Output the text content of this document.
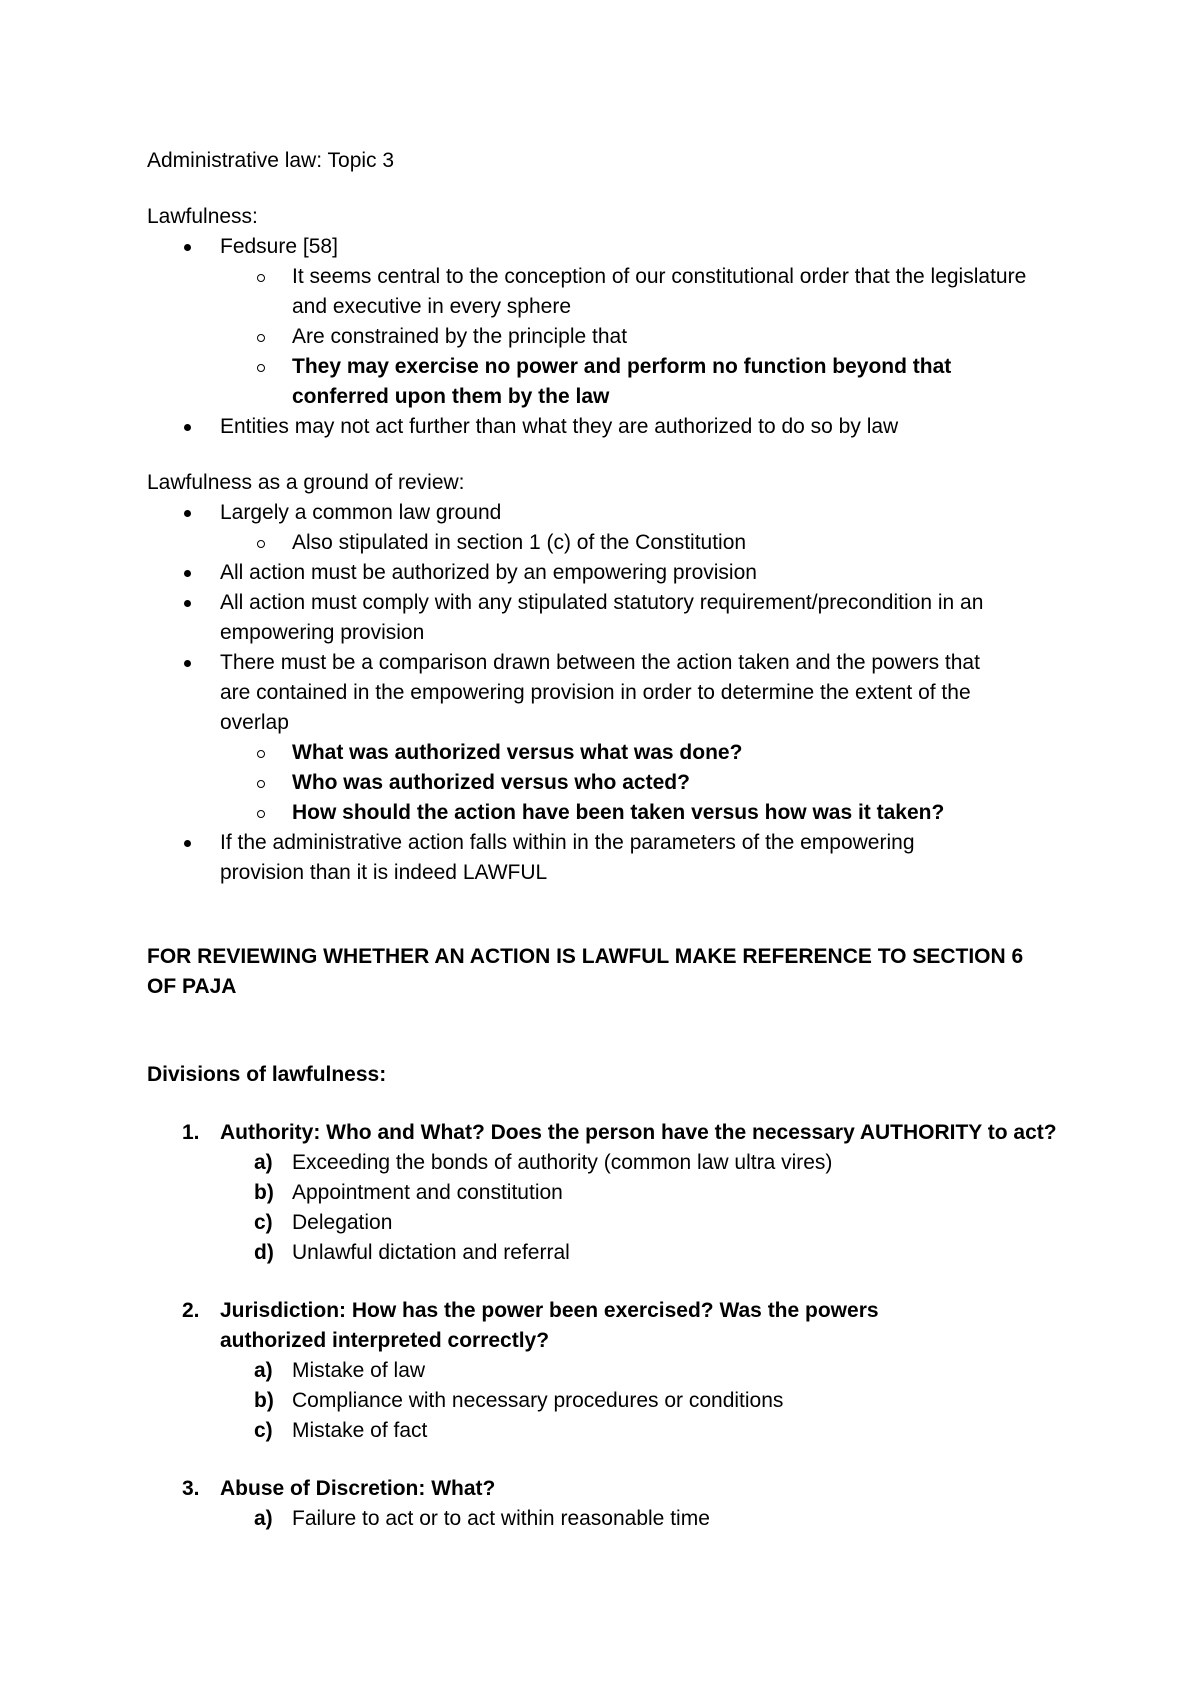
Administrative law: Topic 3
Lawfulness:
Fedsure [58]
It seems central to the conception of our constitutional order that the legislature and executive in every sphere
Are constrained by the principle that
They may exercise no power and perform no function beyond that conferred upon them by the law
Entities may not act further than what they are authorized to do so by law
Lawfulness as a ground of review:
Largely a common law ground
Also stipulated in section 1 (c) of the Constitution
All action must be authorized by an empowering provision
All action must comply with any stipulated statutory requirement/precondition in an empowering provision
There must be a comparison drawn between the action taken and the powers that are contained in the empowering provision in order to determine the extent of the overlap
What was authorized versus what was done?
Who was authorized versus who acted?
How should the action have been taken versus how was it taken?
If the administrative action falls within in the parameters of the empowering provision than it is indeed LAWFUL
FOR REVIEWING WHETHER AN ACTION IS LAWFUL MAKE REFERENCE TO SECTION 6 OF PAJA
Divisions of lawfulness:
1. Authority: Who and What? Does the person have the necessary AUTHORITY to act?
a) Exceeding the bonds of authority (common law ultra vires)
b) Appointment and constitution
c) Delegation
d) Unlawful dictation and referral
2. Jurisdiction: How has the power been exercised? Was the powers authorized interpreted correctly?
a) Mistake of law
b) Compliance with necessary procedures or conditions
c) Mistake of fact
3. Abuse of Discretion: What?
a) Failure to act or to act within reasonable time
